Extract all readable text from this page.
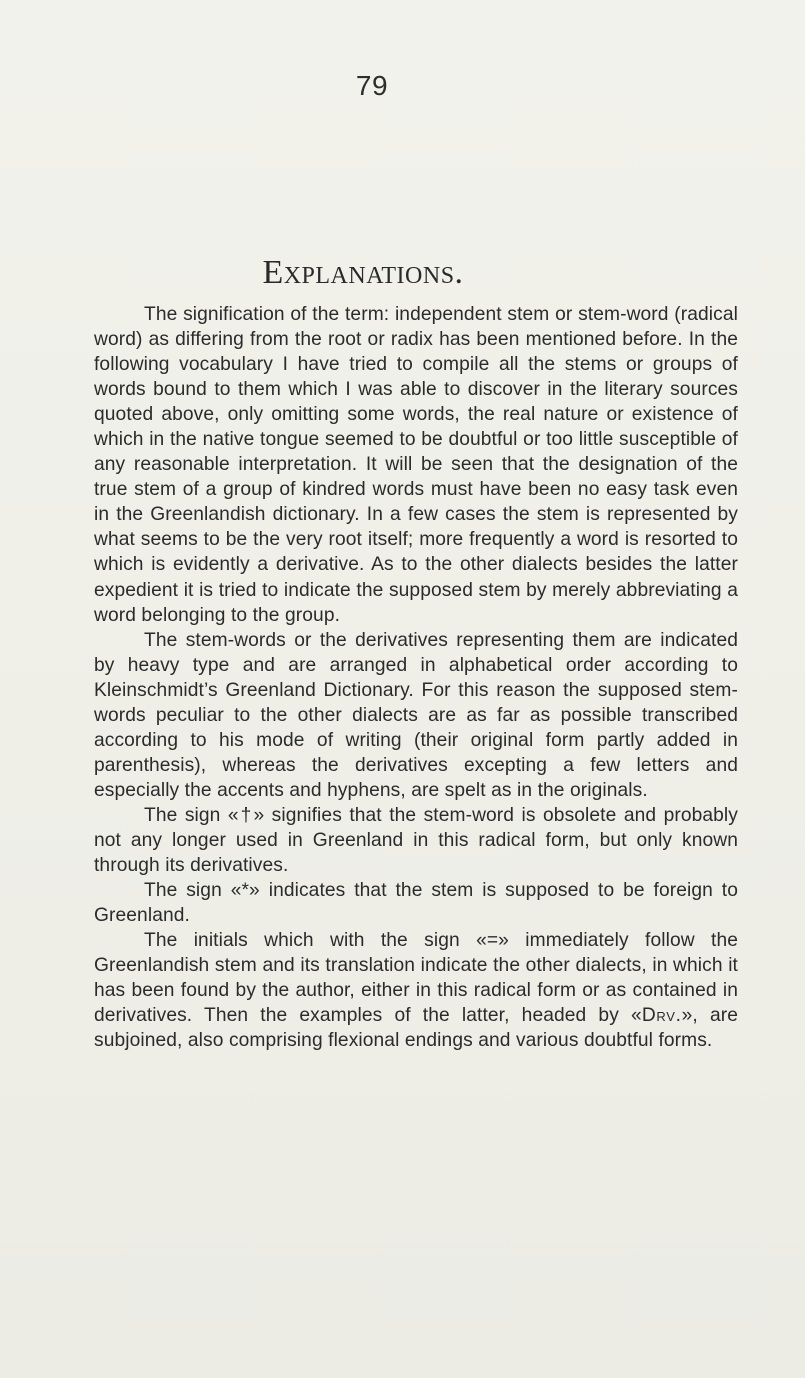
79
Explanations.

The signification of the term: independent stem or stem-word (radical word) as differing from the root or radix has been mentioned before. In the following vocabulary I have tried to compile all the stems or groups of words bound to them which I was able to discover in the literary sources quoted above, only omitting some words, the real nature or existence of which in the native tongue seemed to be doubtful or too little susceptible of any reasonable interpretation. It will be seen that the designation of the true stem of a group of kindred words must have been no easy task even in the Greenlandish dictionary. In a few cases the stem is represented by what seems to be the very root itself; more frequently a word is resorted to which is evidently a derivative. As to the other dialects besides the latter expedient it is tried to indicate the supposed stem by merely abbreviating a word belonging to the group.

The stem-words or the derivatives representing them are indicated by heavy type and are arranged in alphabetical order according to Kleinschmidt’s Greenland Dictionary. For this reason the supposed stem-words peculiar to the other dialects are as far as possible transcribed according to his mode of writing (their original form partly added in parenthesis), whereas the derivatives excepting a few letters and especially the accents and hyphens, are spelt as in the originals.

The sign «†» signifies that the stem-word is obsolete and probably not any longer used in Greenland in this radical form, but only known through its derivatives.

The sign «*» indicates that the stem is supposed to be foreign to Greenland.

The initials which with the sign «=» immediately follow the Greenlandish stem and its translation indicate the other dialects, in which it has been found by the author, either in this radical form or as contained in derivatives. Then the examples of the latter, headed by «Drv.», are subjoined, also comprising flexional endings and various doubtful forms.
